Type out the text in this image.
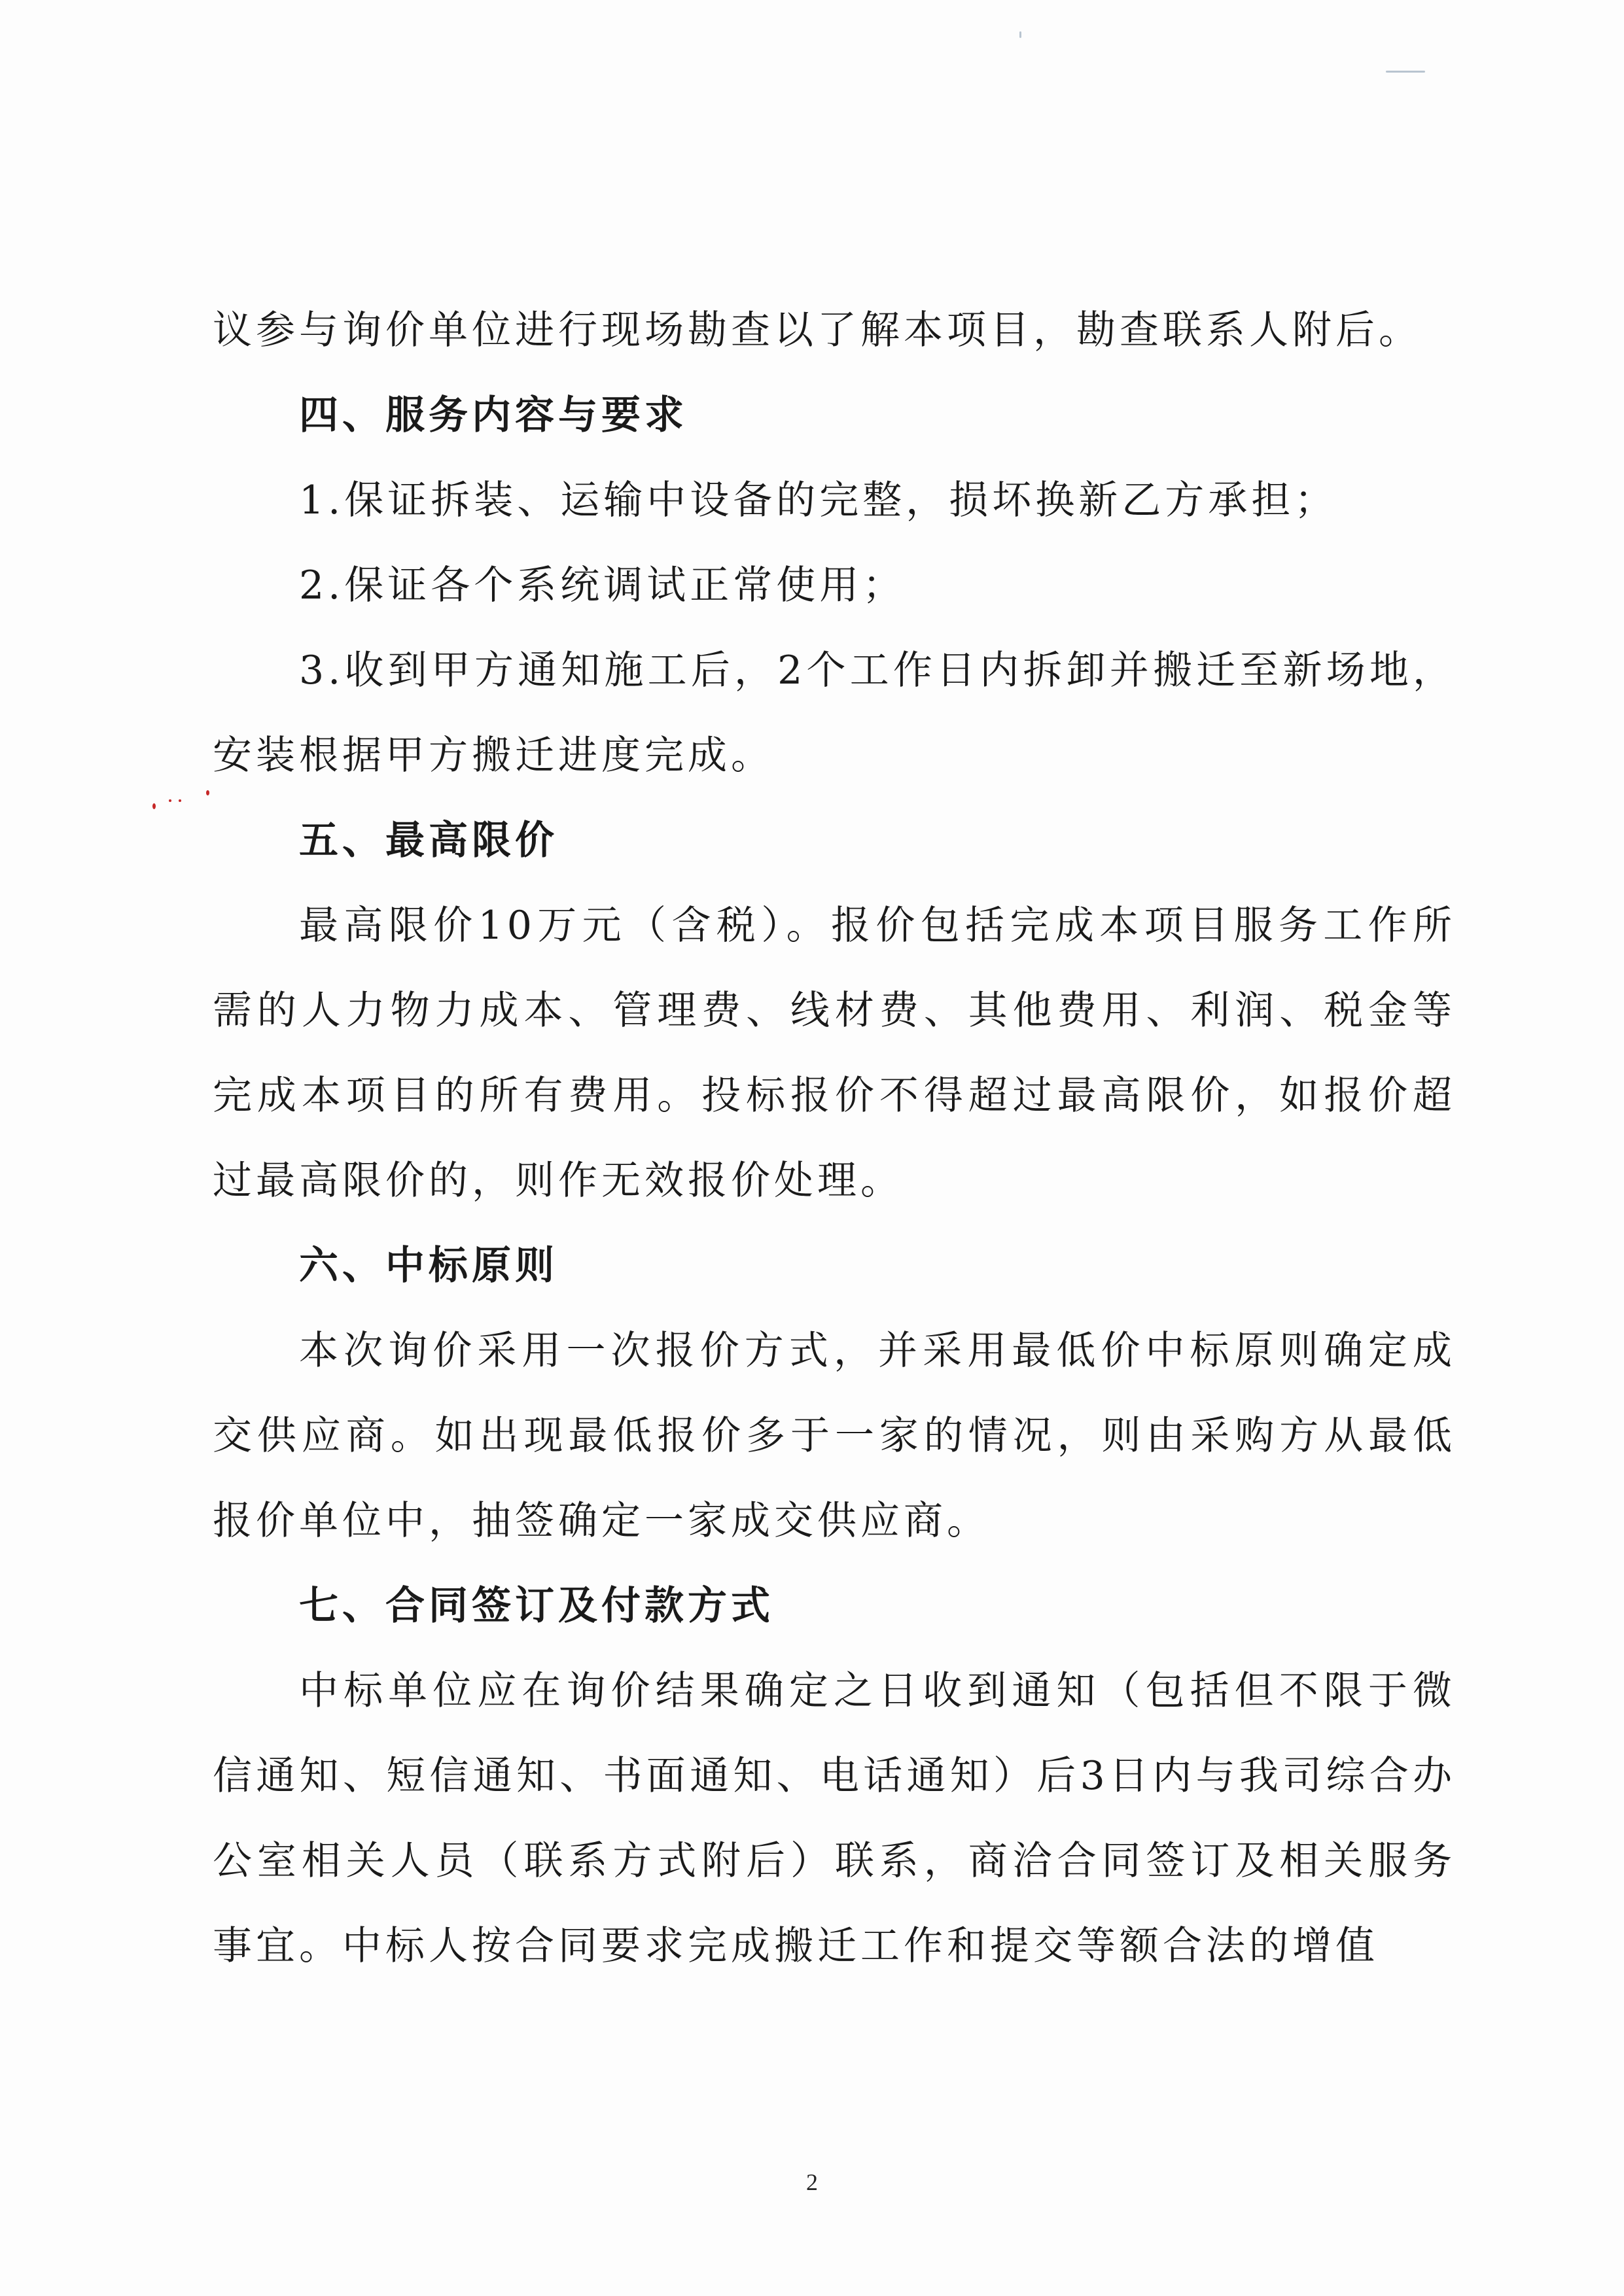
议参与询价单位进行现场勘查以了解本项目，勘查联系人附后。

四、服务内容与要求

1.保证拆装、运输中设备的完整，损坏换新乙方承担；

2.保证各个系统调试正常使用；

3.收到甲方通知施工后，2个工作日内拆卸并搬迁至新场地，安装根据甲方搬迁进度完成。

五、最高限价

最高限价10万元（含税）。报价包括完成本项目服务工作所需的人力物力成本、管理费、线材费、其他费用、利润、税金等完成本项目的所有费用。投标报价不得超过最高限价，如报价超过最高限价的，则作无效报价处理。

六、中标原则

本次询价采用一次报价方式，并采用最低价中标原则确定成交供应商。如出现最低报价多于一家的情况，则由采购方从最低报价单位中，抽签确定一家成交供应商。

七、合同签订及付款方式

中标单位应在询价结果确定之日收到通知（包括但不限于微信通知、短信通知、书面通知、电话通知）后3日内与我司综合办公室相关人员（联系方式附后）联系，商洽合同签订及相关服务事宜。中标人按合同要求完成搬迁工作和提交等额合法的增值

2
